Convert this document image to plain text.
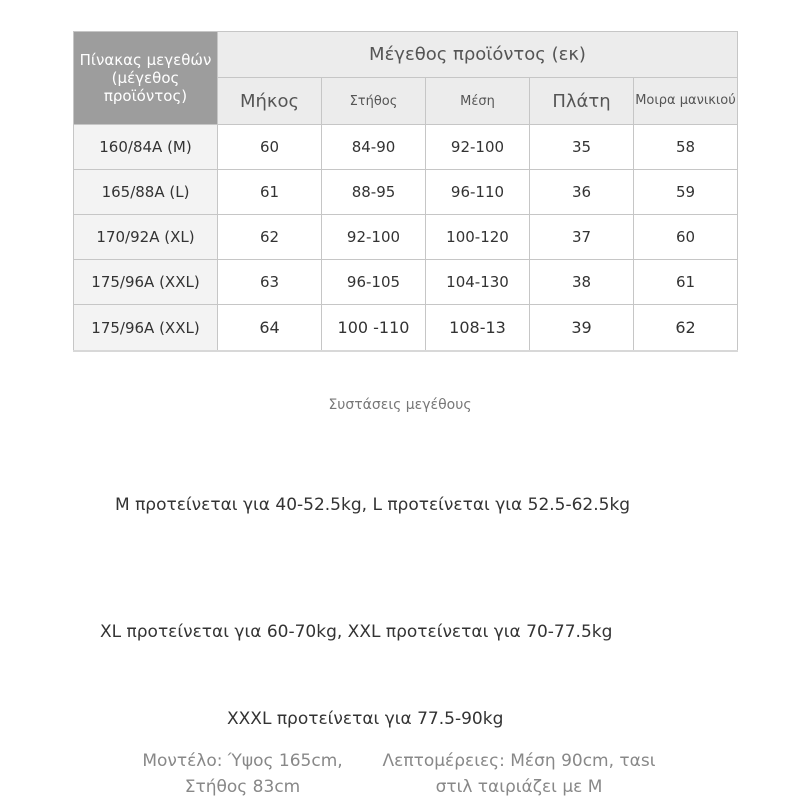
Πίνακας μεγεθών (μέγεθος προϊόντος)	Μέγεθος προϊόντος (εκ)				
	Μήκος	Στήθος	Μέση	Πλάτη	Μοιρα μανικιού
160/84A (M)	60	84-90	92-100	35	58
165/88A (L)	61	88-95	96-110	36	59
170/92A (XL)	62	92-100	100-120	37	60
175/96A (XXL)	63	96-105	104-130	38	61
175/96A (XXL)	64	100 -110	108-13	39	62
Συστάσεις μεγέθους
M προτείνεται για 40-52.5kg, L προτείνεται για 52.5-62.5kg
XL προτείνεται για 60-70kg, XXL προτείνεται για 70-77.5kg
XXXL προτείνεται για 77.5-90kg
Μοντέλο: Ύψος 165cm, Στήθος 83cm
Λεπτομέρειες: Μέση 90cm, ταѕι στιλ ταιριάζει με M
